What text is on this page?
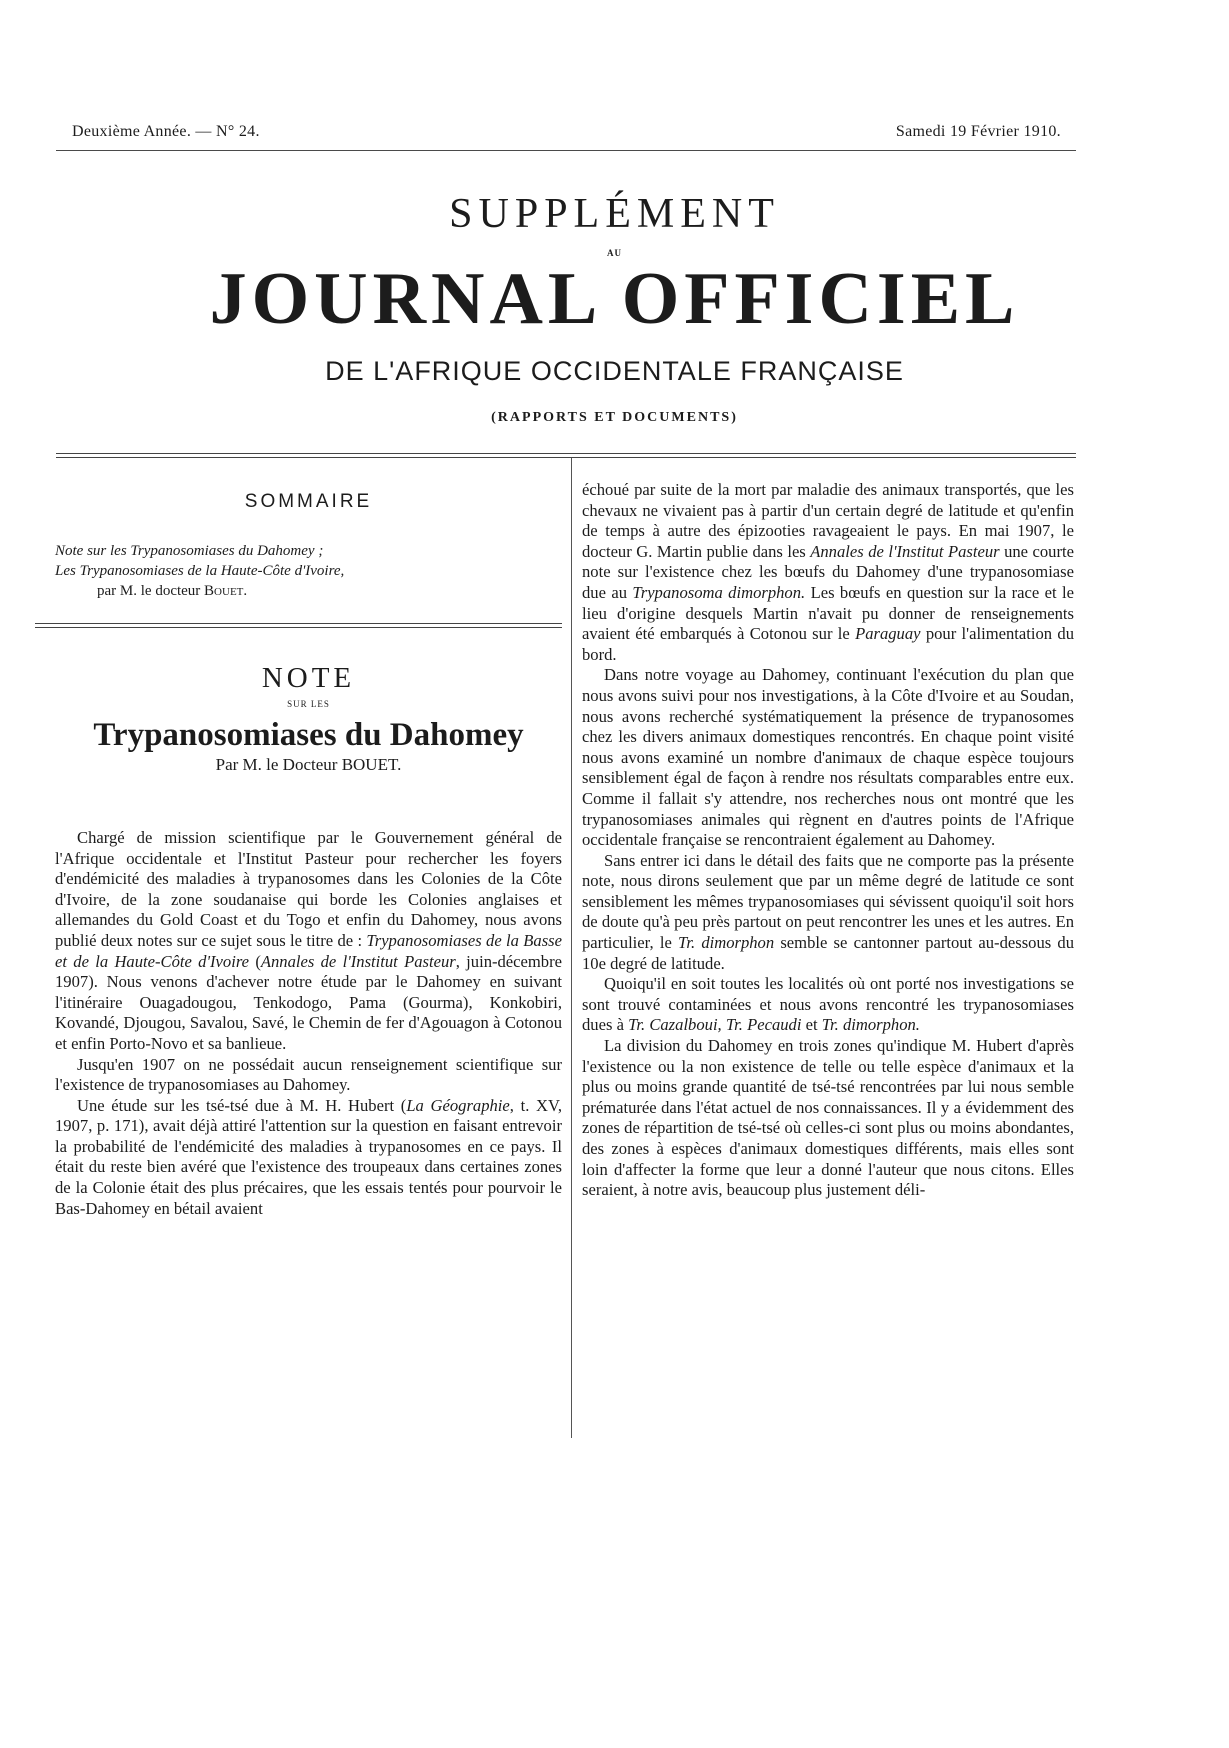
Deuxième Année. — N° 24.	Samedi 19 Février 1910.
SUPPLÉMENT
AU
JOURNAL OFFICIEL
DE L'AFRIQUE OCCIDENTALE FRANÇAISE
(RAPPORTS ET DOCUMENTS)
SOMMAIRE
Note sur les Trypanosomiases du Dahomey ;
Les Trypanosomiases de la Haute-Côte d'Ivoire,
par M. le docteur Bouet.
NOTE
SUR LES
Trypanosomiases du Dahomey
Par M. le Docteur BOUET.

Chargé de mission scientifique par le Gouvernement général de l'Afrique occidentale et l'Institut Pasteur pour rechercher les foyers d'endémicité des maladies à trypanosomes dans les Colonies de la Côte d'Ivoire, de la zone soudanaise qui borde les Colonies anglaises et allemandes du Gold Coast et du Togo et enfin du Dahomey, nous avons publié deux notes sur ce sujet sous le titre de : Trypanosomiases de la Basse et de la Haute-Côte d'Ivoire (Annales de l'Institut Pasteur, juin-décembre 1907). Nous venons d'achever notre étude par le Dahomey en suivant l'itinéraire Ouagadougou, Tenkodogo, Pama (Gourma), Konkobiri, Kovandé, Djougou, Savalou, Savé, le Chemin de fer d'Agouagon à Cotonou et enfin Porto-Novo et sa banlieue.

Jusqu'en 1907 on ne possédait aucun renseignement scientifique sur l'existence de trypanosomiases au Dahomey.

Une étude sur les tsé-tsé due à M. H. Hubert (La Géographie, t. XV, 1907, p. 171), avait déjà attiré l'attention sur la question en faisant entrevoir la probabilité de l'endémicité des maladies à trypanosomes en ce pays. Il était du reste bien avéré que l'existence des troupeaux dans certaines zones de la Colonie était des plus précaires, que les essais tentés pour pourvoir le Bas-Dahomey en bétail avaient

échoué par suite de la mort par maladie des animaux transportés, que les chevaux ne vivaient pas à partir d'un certain degré de latitude et qu'enfin de temps à autre des épizooties ravageaient le pays. En mai 1907, le docteur G. Martin publie dans les Annales de l'Institut Pasteur une courte note sur l'existence chez les bœufs du Dahomey d'une trypanosomiase due au Trypanosoma dimorphon. Les bœufs en question sur la race et le lieu d'origine desquels Martin n'avait pu donner de renseignements avaient été embarqués à Cotonou sur le Paraguay pour l'alimentation du bord.

Dans notre voyage au Dahomey, continuant l'exécution du plan que nous avons suivi pour nos investigations, à la Côte d'Ivoire et au Soudan, nous avons recherché systématiquement la présence de trypanosomes chez les divers animaux domestiques rencontrés. En chaque point visité nous avons examiné un nombre d'animaux de chaque espèce toujours sensiblement égal de façon à rendre nos résultats comparables entre eux. Comme il fallait s'y attendre, nos recherches nous ont montré que les trypanosomiases animales qui règnent en d'autres points de l'Afrique occidentale française se rencontraient également au Dahomey.

Sans entrer ici dans le détail des faits que ne comporte pas la présente note, nous dirons seulement que par un même degré de latitude ce sont sensiblement les mêmes trypanosomiases qui sévissent quoiqu'il soit hors de doute qu'à peu près partout on peut rencontrer les unes et les autres. En particulier, le Tr. dimorphon semble se cantonner partout au-dessous du 10e degré de latitude.

Quoiqu'il en soit toutes les localités où ont porté nos investigations se sont trouvé contaminées et nous avons rencontré les trypanosomiases dues à Tr. Cazalboui, Tr. Pecaudi et Tr. dimorphon.

La division du Dahomey en trois zones qu'indique M. Hubert d'après l'existence ou la non existence de telle ou telle espèce d'animaux et la plus ou moins grande quantité de tsé-tsé rencontrées par lui nous semble prématurée dans l'état actuel de nos connaissances. Il y a évidemment des zones de répartition de tsé-tsé où celles-ci sont plus ou moins abondantes, des zones à espèces d'animaux domestiques différents, mais elles sont loin d'affecter la forme que leur a donné l'auteur que nous citons. Elles seraient, à notre avis, beaucoup plus justement déli-
